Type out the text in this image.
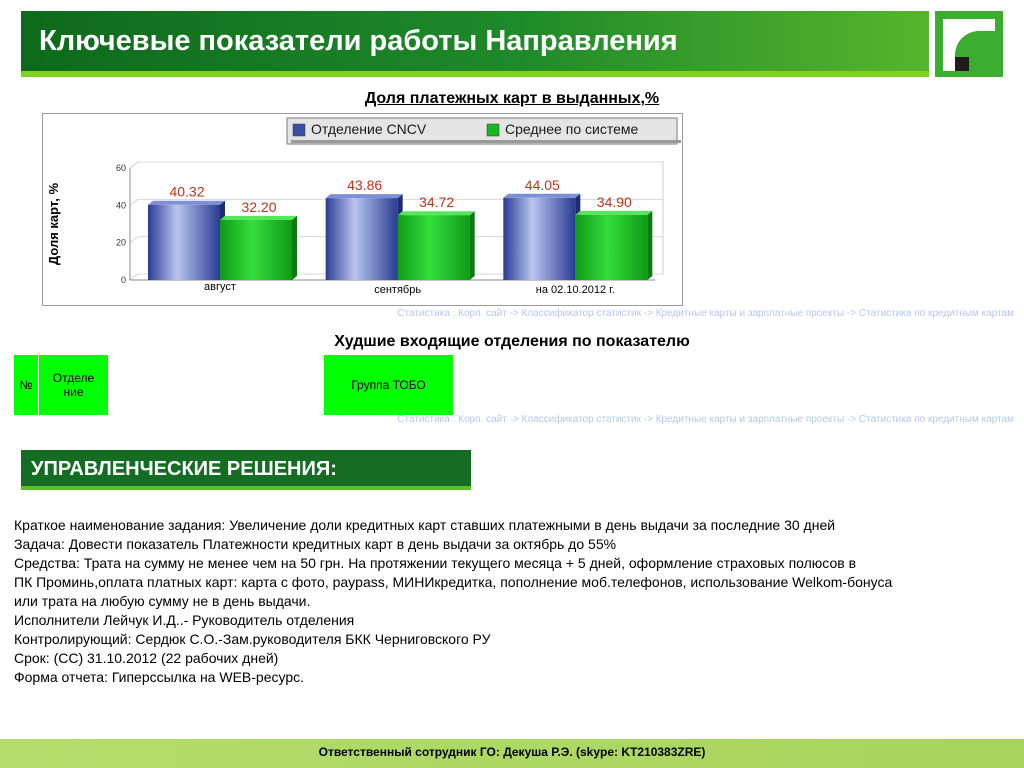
Ключевые показатели работы Направления
Доля платежных карт в выданных,%
0
20
40
60
Доля карт, %	40.32
32.20
август
43.86
34.72
сентябрь
44.05
34.90
на 02.10.2012 г.
Отделение CNCV	Среднее по системе
Статистика : Корп. сайт -> Классификатор статистик -> Кредитные карты и зарплатные проекты -> Статистика по кредитным картам
Худшие входящие отделения по показателю
№	Отделение	Группа ТОБО
Статистика : Корп. сайт -> Классификатор статистик -> Кредитные карты и зарплатные проекты -> Статистика по кредитным картам
УПРАВЛЕНЧЕСКИЕ РЕШЕНИЯ:
Краткое наименование задания: Увеличение доли кредитных карт ставших платежными в день выдачи за последние 30 дней
Задача: Довести показатель Платежности кредитных карт в день выдачи за октябрь до 55%
Средства: Трата на сумму не менее чем на 50 грн. На протяжении текущего месяца + 5 дней, оформление страховых полюсов в
ПК Проминь,оплата платных карт: карта с фото, paypass, МИНИкредитка, пополнение моб.телефонов, использование Welkom-бонуса
или трата на любую сумму не в день выдачи.
Исполнители Лейчук И.Д..- Руководитель отделения
Контролирующий: Сердюк С.О.-Зам.руководителя БКК Черниговского РУ
Срок: (СС) 31.10.2012 (22 рабочих дней)
Форма отчета: Гиперссылка на WEB-ресурс.
Ответственный сотрудник ГО: Декуша Р.Э. (skype: KT210383ZRE)
